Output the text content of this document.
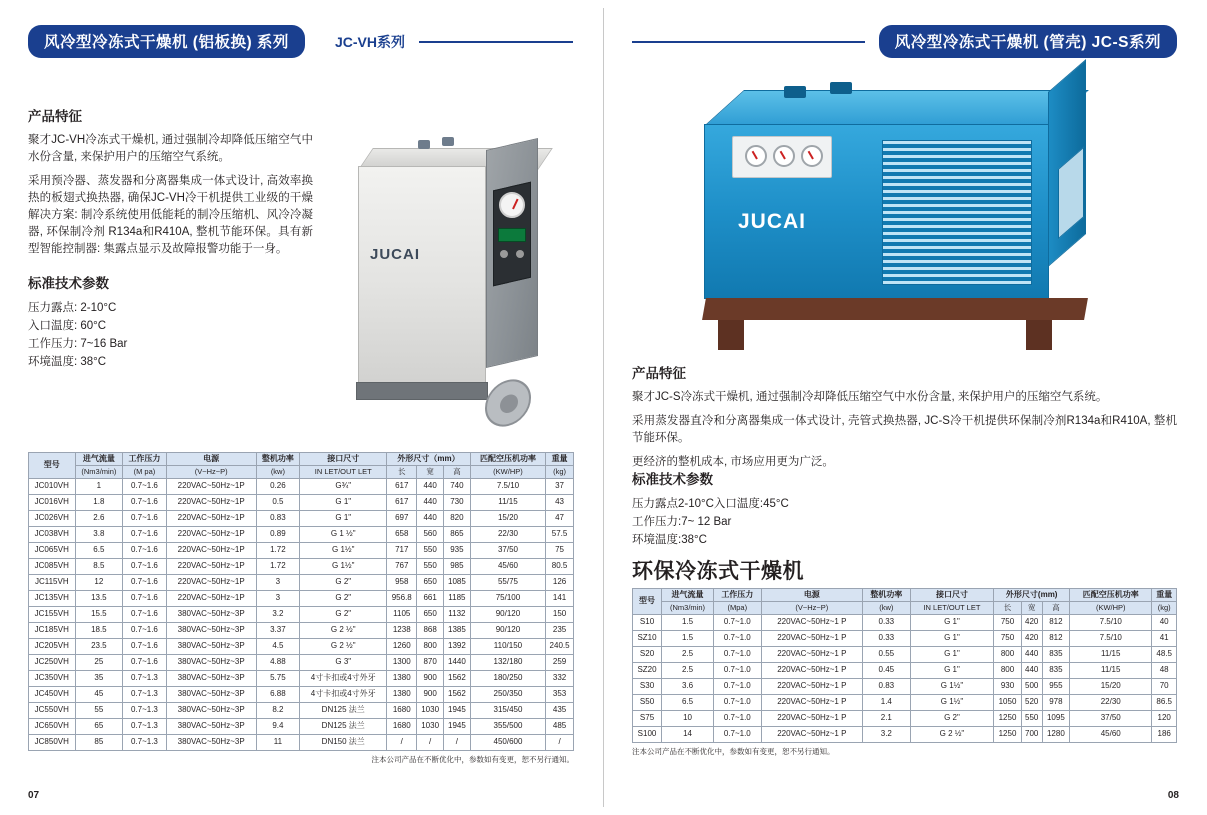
风冷型冷冻式干燥机 (铝板换) 系列	JC-VH系列
产品特征

聚才JC-VH冷冻式干燥机, 通过强制冷却降低压缩空气中水份含量, 来保护用户的压缩空气系统。

采用预冷器、蒸发器和分离器集成一体式设计, 高效率换热的板翅式换热器, 确保JC-VH冷干机提供工业级的干燥解决方案: 制冷系统使用低能耗的制冷压缩机、风冷冷凝器, 环保制冷剂 R134a和R410A, 整机节能环保。具有新型智能控制器: 集露点显示及故障报警功能于一身。

标准技术参数
压力露点: 2-10°C
入口温度: 60°C
工作压力: 7~16 Bar
环境温度: 38°C
JUCAI
型号	进气流量	工作压力	电源	整机功率	接口尺寸	外形尺寸（mm）			匹配空压机功率	重量
	(Nm3/min)	(M pa)	(V~Hz~P)	(kw)	IN LET/OUT LET	长	宽	高	(KW/HP)	(kg)
JC010VH	1	0.7~1.6	220VAC~50Hz~1P	0.26	G¾"	617	440	740	7.5/10	37
JC016VH	1.8	0.7~1.6	220VAC~50Hz~1P	0.5	G 1"	617	440	730	11/15	43
JC026VH	2.6	0.7~1.6	220VAC~50Hz~1P	0.83	G 1"	697	440	820	15/20	47
JC038VH	3.8	0.7~1.6	220VAC~50Hz~1P	0.89	G 1 ½"	658	560	865	22/30	57.5
JC065VH	6.5	0.7~1.6	220VAC~50Hz~1P	1.72	G 1½"	717	550	935	37/50	75
JC085VH	8.5	0.7~1.6	220VAC~50Hz~1P	1.72	G 1½"	767	550	985	45/60	80.5
JC115VH	12	0.7~1.6	220VAC~50Hz~1P	3	G 2"	958	650	1085	55/75	126
JC135VH	13.5	0.7~1.6	220VAC~50Hz~1P	3	G 2"	956.8	661	1185	75/100	141
JC155VH	15.5	0.7~1.6	380VAC~50Hz~3P	3.2	G 2"	1105	650	1132	90/120	150
JC185VH	18.5	0.7~1.6	380VAC~50Hz~3P	3.37	G 2 ½"	1238	868	1385	90/120	235
JC205VH	23.5	0.7~1.6	380VAC~50Hz~3P	4.5	G 2 ½"	1260	800	1392	110/150	240.5
JC250VH	25	0.7~1.6	380VAC~50Hz~3P	4.88	G 3"	1300	870	1440	132/180	259
JC350VH	35	0.7~1.3	380VAC~50Hz~3P	5.75	4寸卡扣或4寸外牙	1380	900	1562	180/250	332
JC450VH	45	0.7~1.3	380VAC~50Hz~3P	6.88	4寸卡扣或4寸外牙	1380	900	1562	250/350	353
JC550VH	55	0.7~1.3	380VAC~50Hz~3P	8.2	DN125 法兰	1680	1030	1945	315/450	435
JC650VH	65	0.7~1.3	380VAC~50Hz~3P	9.4	DN125 法兰	1680	1030	1945	355/500	485
JC850VH	85	0.7~1.3	380VAC~50Hz~3P	11	DN150 法兰	/	/	/	450/600	/
注本公司产品在不断优化中，参数如有变更，恕不另行通知。
07
风冷型冷冻式干燥机 (管壳) JC-S系列
JUCAI
产品特征

聚才JC-S冷冻式干燥机, 通过强制冷却降低压缩空气中水份含量, 来保护用户的压缩空气系统。

采用蒸发器直冷和分离器集成一体式设计, 壳管式换热器, JC-S冷干机提供环保制冷剂R134a和R410A, 整机节能环保。

更经济的整机成本, 市场应用更为广泛。

标准技术参数
压力露点2-10°C入口温度:45°C
工作压力:7~ 12 Bar
环境温度:38°C
环保冷冻式干燥机
型号	进气流量	工作压力	电源	整机功率	接口尺寸	外形尺寸(mm)			匹配空压机功率	重量
	(Nm3/min)	(Mpa)	(V~Hz~P)	(kw)	IN LET/OUT LET	长	宽	高	(KW/HP)	(kg)
S10	1.5	0.7~1.0	220VAC~50Hz~1 P	0.33	G 1"	750	420	812	7.5/10	40
SZ10	1.5	0.7~1.0	220VAC~50Hz~1 P	0.33	G 1"	750	420	812	7.5/10	41
S20	2.5	0.7~1.0	220VAC~50Hz~1 P	0.55	G 1"	800	440	835	11/15	48.5
SZ20	2.5	0.7~1.0	220VAC~50Hz~1 P	0.45	G 1"	800	440	835	11/15	48
S30	3.6	0.7~1.0	220VAC~50Hz~1 P	0.83	G 1½"	930	500	955	15/20	70
S50	6.5	0.7~1.0	220VAC~50Hz~1 P	1.4	G 1½"	1050	520	978	22/30	86.5
S75	10	0.7~1.0	220VAC~50Hz~1 P	2.1	G 2"	1250	550	1095	37/50	120
S100	14	0.7~1.0	220VAC~50Hz~1 P	3.2	G 2 ½"	1250	700	1280	45/60	186
注本公司产品在不断优化中，参数如有变更，恕不另行通知。
08
